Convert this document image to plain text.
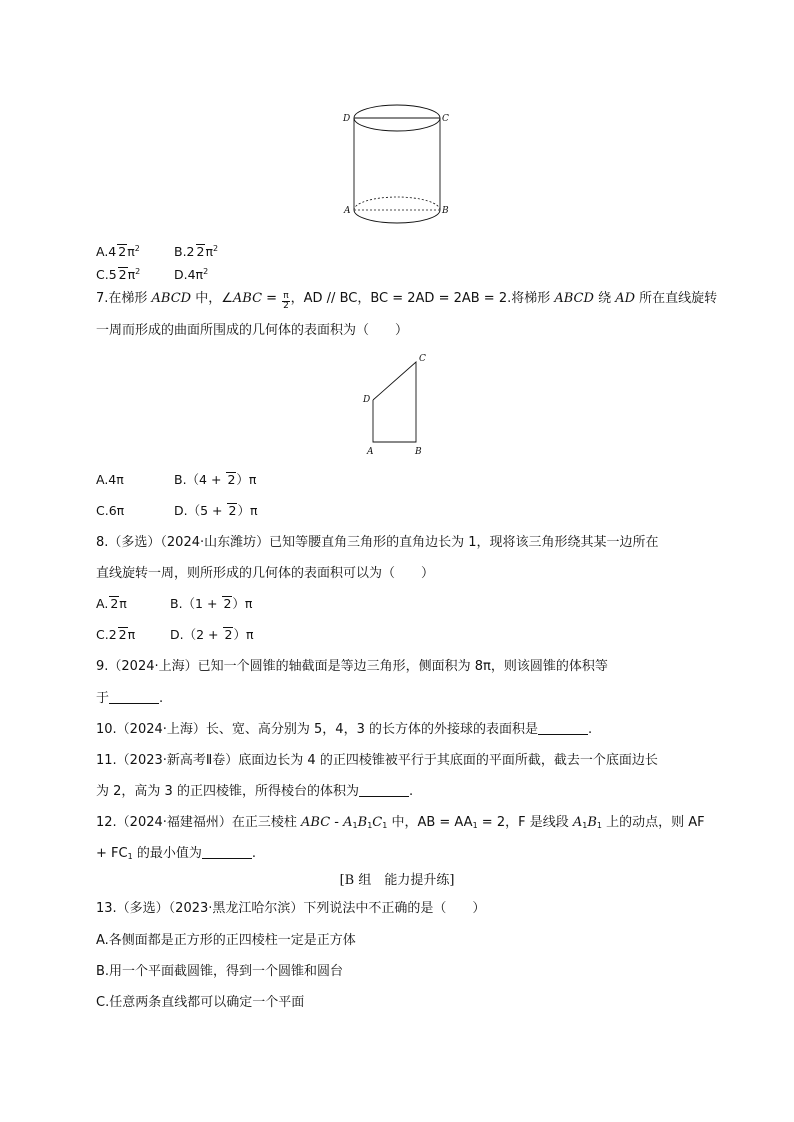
D	C
A	B
A.4 $2\pi^2$	B.2 $2\pi^2$
C.5 $2\pi^2$	$D.4\pi^2$
7.在梯形 ABCD 中，∠ABC = $\frac{\pi}{2}$ ，AD // BC，BC = 2AD = 2AB = 2.将梯形 ABCD 绕 AD 所在直线旋转
一周而形成的曲面所围成的几何体的表面积为（　　）
C
D
A	B
A.4π	B.（4 + 2）π
C.6π	D.（5 + 2）π
8.（多选）（2024·山东潍坊）已知等腰直角三角形的直角边长为 1，现将该三角形绕其某一边所在
直线旋转一周，则所形成的几何体的表面积可以为（　　）
A. 2π	B.（1 + 2）π
C.2 2π	D.（2 + 2）π
9.（2024·上海）已知一个圆锥的轴截面是等边三角形，侧面积为 8π，则该圆锥的体积等
于	.
10.（2024·上海）长、宽、高分别为 5，4，3 的长方体的外接球的表面积是	.
11.（2023·新高考Ⅱ卷）底面边长为 4 的正四棱锥被平行于其底面的平面所截，截去一个底面边长
为 2，高为 3 的正四棱锥，所得棱台的体积为	.
12.（2024·福建福州）在正三棱柱 ABC - $A_1B_1C_1$ 中，AB = $AA_1 = 2$，F 是线段 $A_1B_1$ 上的动点，则 AF
+ $FC_1$ 的最小值为	.
[B 组　能力提升练]
13.（多选）（2023·黑龙江哈尔滨）下列说法中不正确的是（　　）
A.各侧面都是正方形的正四棱柱一定是正方体
B.用一个平面截圆锥，得到一个圆锥和圆台
C.任意两条直线都可以确定一个平面
